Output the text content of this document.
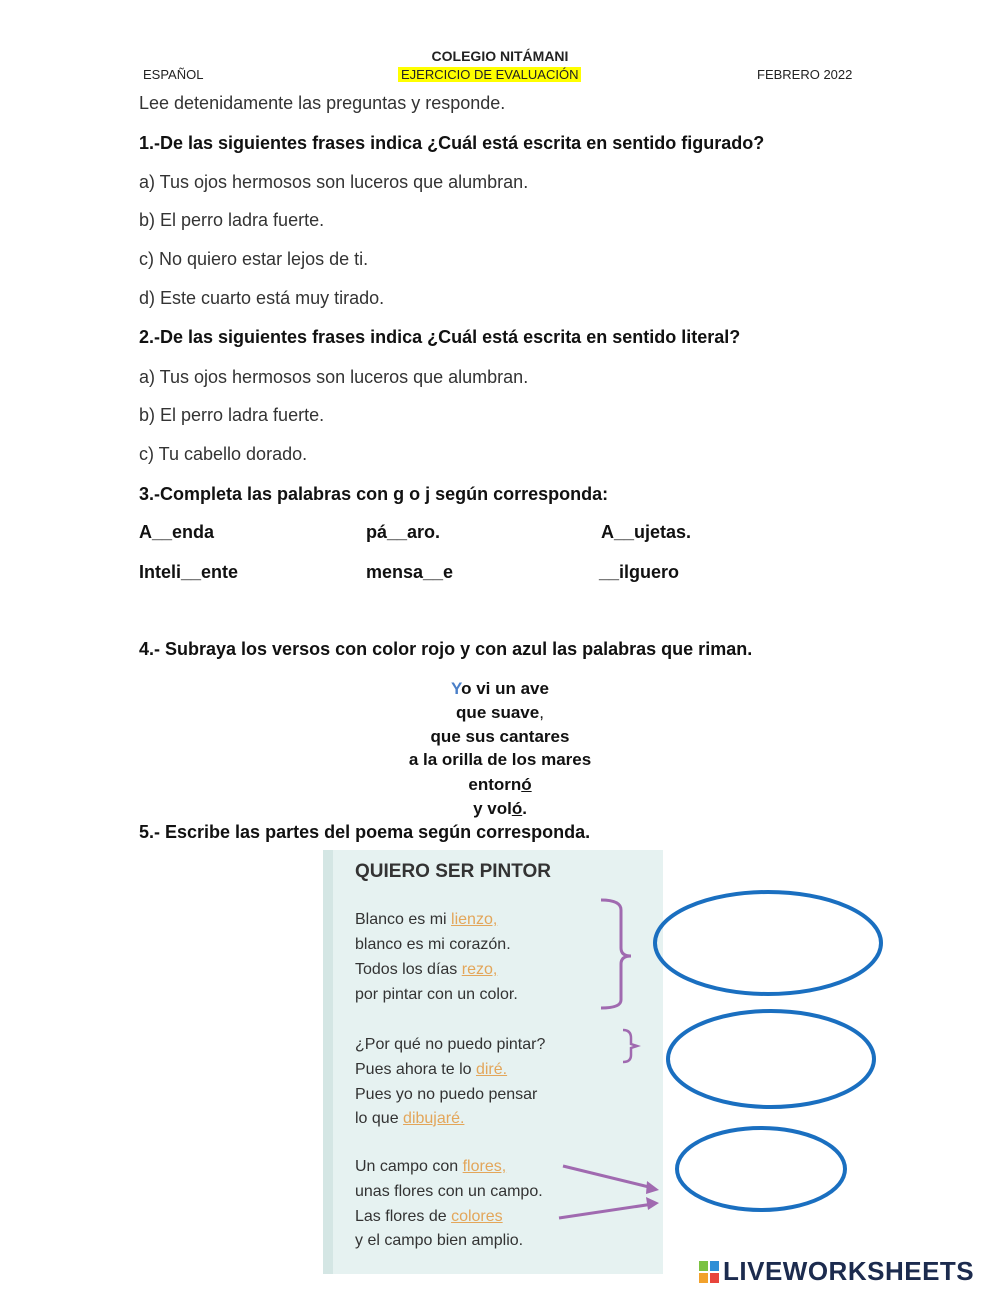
COLEGIO NITÁMANI
ESPAÑOL	EJERCICIO DE EVALUACIÓN	FEBRERO 2022
Lee detenidamente las preguntas y responde.
1.-De las siguientes frases indica ¿Cuál está escrita en sentido figurado?
a) Tus ojos hermosos son luceros que alumbran.
b) El perro ladra fuerte.
c) No quiero estar lejos de ti.
d) Este cuarto está muy tirado.
2.-De las siguientes frases indica ¿Cuál está escrita en sentido literal?
a) Tus ojos hermosos son luceros que alumbran.
b) El perro ladra fuerte.
c) Tu cabello dorado.
3.-Completa las palabras con g o j según corresponda:
A__enda	pá__aro.	A__ujetas.
Inteli__ente	mensa__e	__ilguero
4.- Subraya los versos con color rojo y con azul las palabras que riman.
Yo vi un ave
que suave,
que sus cantares
a la orilla de los mares
entornó
y voló.
5.- Escribe las partes del poema según corresponda.
QUIERO SER PINTOR
Blanco es mi lienzo,
blanco es mi corazón.
Todos los días rezo,
por pintar con un color.
¿Por qué no puedo pintar?
Pues ahora te lo diré.
Pues yo no puedo pensar
lo que dibujaré.
Un campo con flores,
unas flores con un campo.
Las flores de colores
y el campo bien amplio.
LIVEWORKSHEETS
